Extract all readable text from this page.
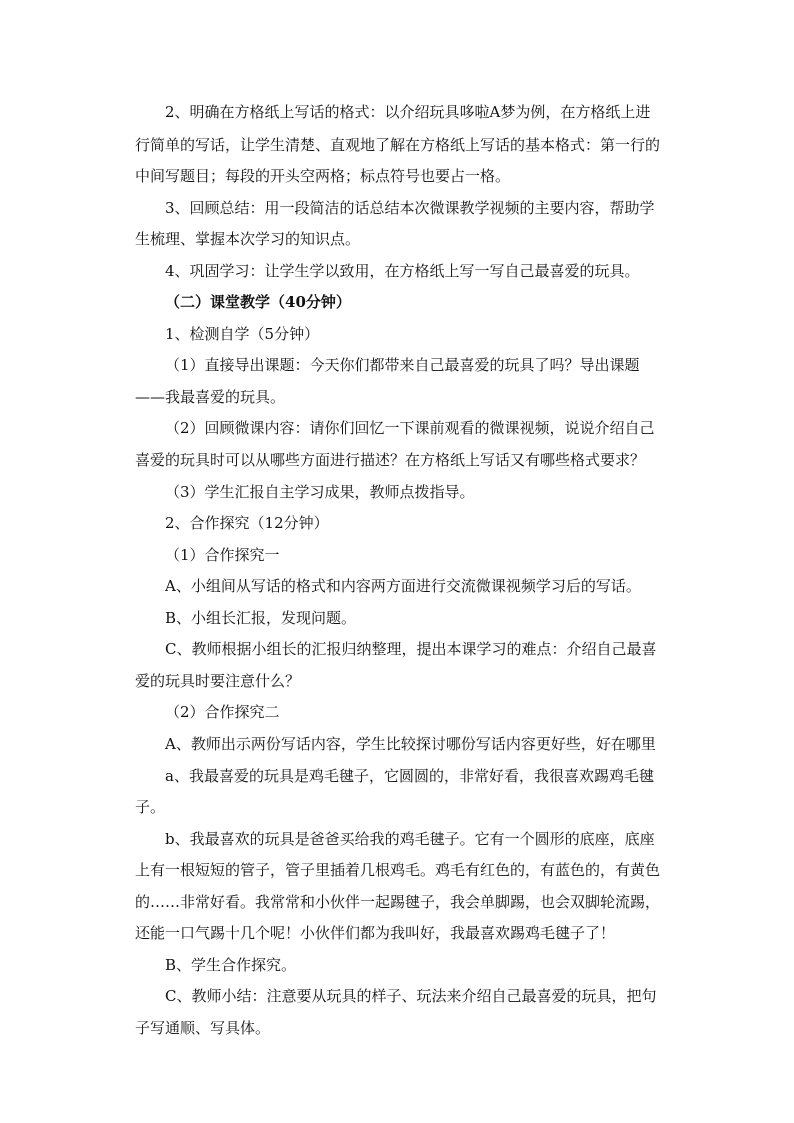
2、明确在方格纸上写话的格式：以介绍玩具哆啦A梦为例，在方格纸上进
行简单的写话，让学生清楚、直观地了解在方格纸上写话的基本格式：第一行的
中间写题目；每段的开头空两格；标点符号也要占一格。
3、回顾总结：用一段简洁的话总结本次微课教学视频的主要内容，帮助学
生梳理、掌握本次学习的知识点。
4、巩固学习：让学生学以致用，在方格纸上写一写自己最喜爱的玩具。
（二）课堂教学（40分钟）
1、检测自学（5分钟）
（1）直接导出课题：今天你们都带来自己最喜爱的玩具了吗？导出课题
——我最喜爱的玩具。
（2）回顾微课内容：请你们回忆一下课前观看的微课视频，说说介绍自己
喜爱的玩具时可以从哪些方面进行描述？在方格纸上写话又有哪些格式要求？
（3）学生汇报自主学习成果，教师点拨指导。
2、合作探究（12分钟）
（1）合作探究一
A、小组间从写话的格式和内容两方面进行交流微课视频学习后的写话。
B、小组长汇报，发现问题。
C、教师根据小组长的汇报归纳整理，提出本课学习的难点：介绍自己最喜
爱的玩具时要注意什么？
（2）合作探究二
A、教师出示两份写话内容，学生比较探讨哪份写话内容更好些，好在哪里
a、我最喜爱的玩具是鸡毛毽子，它圆圆的，非常好看，我很喜欢踢鸡毛毽
子。
b、我最喜欢的玩具是爸爸买给我的鸡毛毽子。它有一个圆形的底座，底座
上有一根短短的管子，管子里插着几根鸡毛。鸡毛有红色的，有蓝色的，有黄色
的……非常好看。我常常和小伙伴一起踢毽子，我会单脚踢，也会双脚轮流踢，
还能一口气踢十几个呢！小伙伴们都为我叫好，我最喜欢踢鸡毛毽子了！
B、学生合作探究。
C、教师小结：注意要从玩具的样子、玩法来介绍自己最喜爱的玩具，把句
子写通顺、写具体。
